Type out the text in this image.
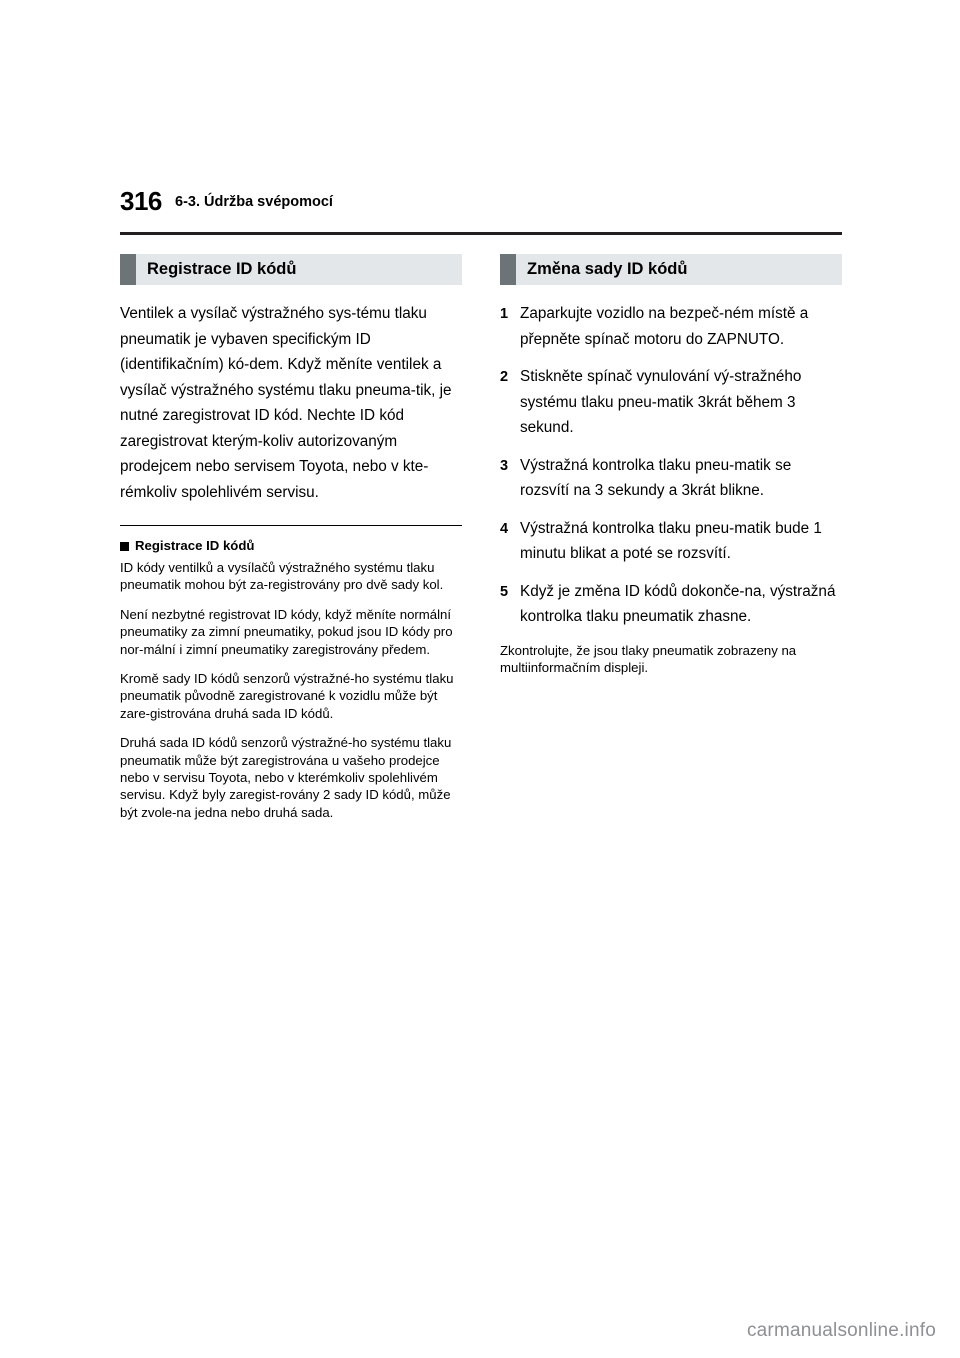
316 6-3. Údržba svépomocí
Registrace ID kódů

Ventilek a vysílač výstražného sys-tému tlaku pneumatik je vybaven specifickým ID (identifikačním) kó-dem. Když měníte ventilek a vysílač výstražného systému tlaku pneuma-tik, je nutné zaregistrovat ID kód. Nechte ID kód zaregistrovat kterým-koliv autorizovaným prodejcem nebo servisem Toyota, nebo v kte-rémkoliv spolehlivém servisu.

Registrace ID kódů

ID kódy ventilků a vysílačů výstražného systému tlaku pneumatik mohou být za-registrovány pro dvě sady kol.

Není nezbytné registrovat ID kódy, když měníte normální pneumatiky za zimní pneumatiky, pokud jsou ID kódy pro nor-mální i zimní pneumatiky zaregistrovány předem.

Kromě sady ID kódů senzorů výstražné-ho systému tlaku pneumatik původně zaregistrované k vozidlu může být zare-gistrována druhá sada ID kódů.

Druhá sada ID kódů senzorů výstražné-ho systému tlaku pneumatik může být zaregistrována u vašeho prodejce nebo v servisu Toyota, nebo v kterémkoliv spolehlivém servisu. Když byly zaregist-rovány 2 sady ID kódů, může být zvole-na jedna nebo druhá sada.

Změna sady ID kódů
1 Zaparkujte vozidlo na bezpeč-ném místě a přepněte spínač motoru do ZAPNUTO.
2 Stiskněte spínač vynulování vý-stražného systému tlaku pneu-matik 3krát během 3 sekund.
3 Výstražná kontrolka tlaku pneu-matik se rozsvítí na 3 sekundy a 3krát blikne.
4 Výstražná kontrolka tlaku pneu-matik bude 1 minutu blikat a poté se rozsvítí.
5 Když je změna ID kódů dokonče-na, výstražná kontrolka tlaku pneumatik zhasne.
Zkontrolujte, že jsou tlaky pneumatik zobrazeny na multiinformačním displeji.
carmanualsonline.info
